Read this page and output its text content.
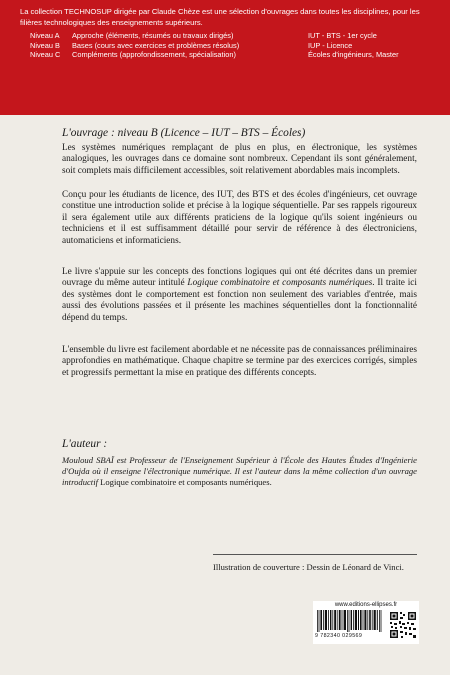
La collection TECHNOSUP dirigée par Claude Chèze est une sélection d'ouvrages dans toutes les disciplines, pour les filières technologiques des enseignements supérieurs.

Niveau A	Approche (éléments, résumés ou travaux dirigés)	IUT - BTS - 1er cycle
Niveau B	Bases (cours avec exercices et problèmes résolus)	IUP - Licence
Niveau C	Compléments (approfondissement, spécialisation)	Écoles d'ingénieurs, Master
L'ouvrage : niveau B (Licence – IUT – BTS – Écoles)

Les systèmes numériques remplaçant de plus en plus, en électronique, les systèmes analogiques, les ouvrages dans ce domaine sont nombreux. Cependant ils sont généralement, soit complets mais difficilement accessibles, soit relativement abordables mais incomplets.

Conçu pour les étudiants de licence, des IUT, des BTS et des écoles d'ingénieurs, cet ouvrage constitue une introduction solide et précise à la logique séquentielle. Par ses rappels rigoureux il sera également utile aux différents praticiens de la logique qu'ils soient ingénieurs ou techniciens et il est suffisamment détaillé pour servir de référence à des électroniciens, automaticiens et informaticiens.

Le livre s'appuie sur les concepts des fonctions logiques qui ont été décrites dans un premier ouvrage du même auteur intitulé Logique combinatoire et composants numériques. Il traite ici des systèmes dont le comportement est fonction non seulement des variables d'entrée, mais aussi des évolutions passées et il présente les machines séquentielles dont la fonctionnalité dépend du temps.

L'ensemble du livre est facilement abordable et ne nécessite pas de connaissances préliminaires approfondies en mathématique. Chaque chapitre se termine par des exercices corrigés, simples et progressifs permettant la mise en pratique des différents concepts.

L'auteur :

Mouloud SBAÏ est Professeur de l'Enseignement Supérieur à l'École des Hautes Études d'Ingénierie d'Oujda où il enseigne l'électronique numérique. Il est l'auteur dans la même collection d'un ouvrage introductif Logique combinatoire et composants numériques.

Illustration de couverture : Dessin de Léonard de Vinci.
www.editions-ellipses.fr
9 782340 029569
